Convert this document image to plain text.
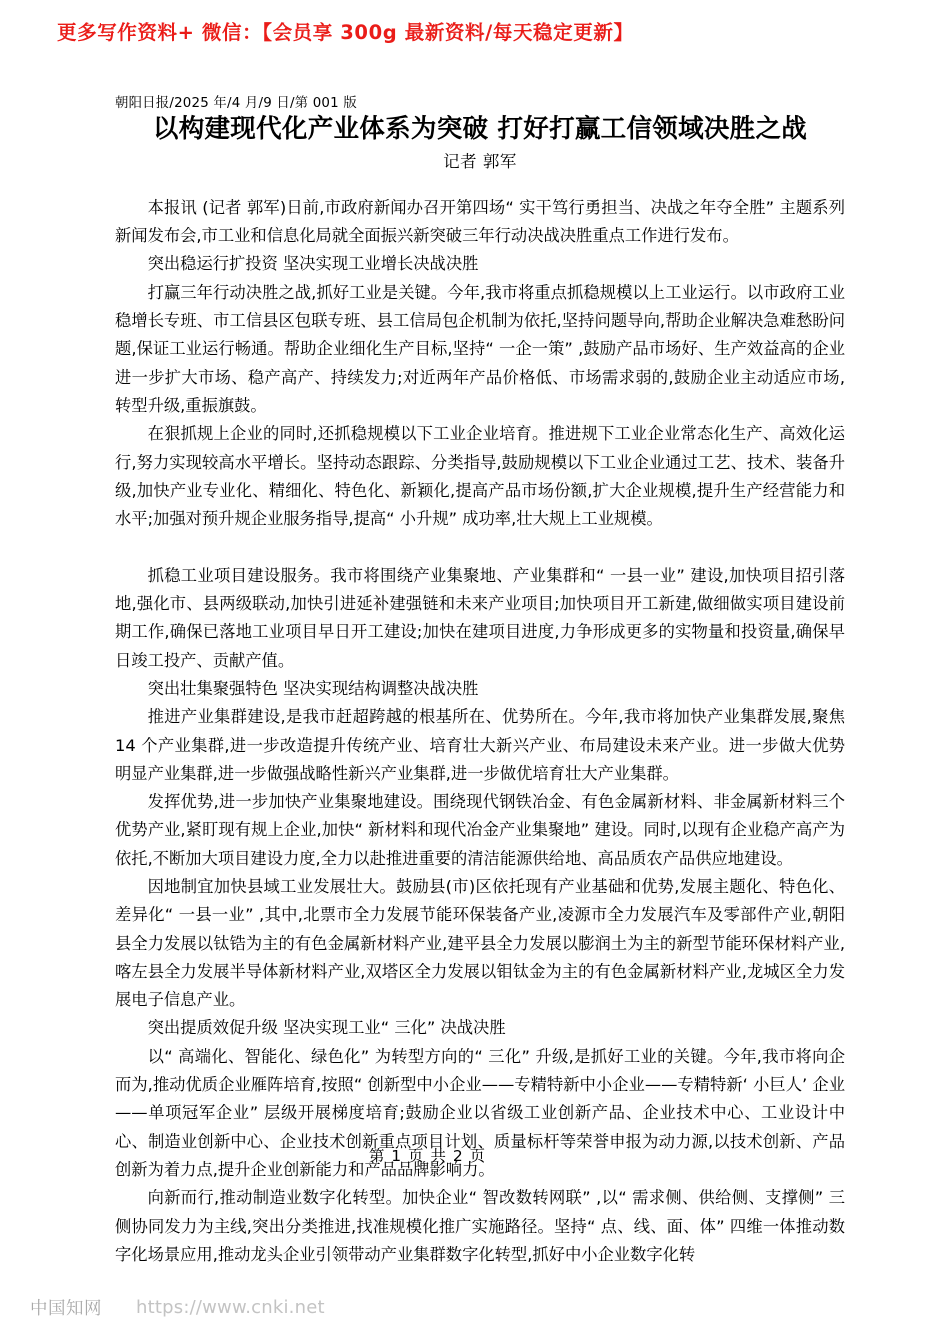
更多写作资料+ 微信：【会员享 300g 最新资料/每天稳定更新】
朝阳日报/2025 年/4 月/9 日/第 001 版
以构建现代化产业体系为突破 打好打赢工信领域决胜之战
记者 郭军

本报讯 (记者 郭军)日前,市政府新闻办召开第四场“ 实干笃行勇担当、决战之年夺全胜” 主题系列新闻发布会,市工业和信息化局就全面振兴新突破三年行动决战决胜重点工作进行发布。

突出稳运行扩投资 坚决实现工业增长决战决胜

打赢三年行动决胜之战,抓好工业是关键。今年,我市将重点抓稳规模以上工业运行。以市政府工业稳增长专班、市工信县区包联专班、县工信局包企机制为依托,坚持问题导向,帮助企业解决急难愁盼问题,保证工业运行畅通。帮助企业细化生产目标,坚持“ 一企一策” ,鼓励产品市场好、生产效益高的企业进一步扩大市场、稳产高产、持续发力;对近两年产品价格低、市场需求弱的,鼓励企业主动适应市场,转型升级,重振旗鼓。

在狠抓规上企业的同时,还抓稳规模以下工业企业培育。推进规下工业企业常态化生产、高效化运行,努力实现较高水平增长。坚持动态跟踪、分类指导,鼓励规模以下工业企业通过工艺、技术、装备升级,加快产业专业化、精细化、特色化、新颖化,提高产品市场份额,扩大企业规模,提升生产经营能力和水平;加强对预升规企业服务指导,提高“ 小升规” 成功率,壮大规上工业规模。

抓稳工业项目建设服务。我市将围绕产业集聚地、产业集群和“ 一县一业” 建设,加快项目招引落地,强化市、县两级联动,加快引进延补建强链和未来产业项目;加快项目开工新建,做细做实项目建设前期工作,确保已落地工业项目早日开工建设;加快在建项目进度,力争形成更多的实物量和投资量,确保早日竣工投产、贡献产值。

突出壮集聚强特色 坚决实现结构调整决战决胜

推进产业集群建设,是我市赶超跨越的根基所在、优势所在。今年,我市将加快产业集群发展,聚焦 14 个产业集群,进一步改造提升传统产业、培育壮大新兴产业、布局建设未来产业。进一步做大优势明显产业集群,进一步做强战略性新兴产业集群,进一步做优培育壮大产业集群。

发挥优势,进一步加快产业集聚地建设。围绕现代钢铁冶金、有色金属新材料、非金属新材料三个优势产业,紧盯现有规上企业,加快“ 新材料和现代冶金产业集聚地” 建设。同时,以现有企业稳产高产为依托,不断加大项目建设力度,全力以赴推进重要的清洁能源供给地、高品质农产品供应地建设。

因地制宜加快县域工业发展壮大。鼓励县(市)区依托现有产业基础和优势,发展主题化、特色化、差异化“ 一县一业” ,其中,北票市全力发展节能环保装备产业,凌源市全力发展汽车及零部件产业,朝阳县全力发展以钛锆为主的有色金属新材料产业,建平县全力发展以膨润土为主的新型节能环保材料产业,喀左县全力发展半导体新材料产业,双塔区全力发展以钼钛金为主的有色金属新材料产业,龙城区全力发展电子信息产业。

突出提质效促升级 坚决实现工业“ 三化” 决战决胜

以“ 高端化、智能化、绿色化” 为转型方向的“ 三化” 升级,是抓好工业的关键。今年,我市将向企而为,推动优质企业雁阵培育,按照“ 创新型中小企业——专精特新中小企业——专精特新‘ 小巨人’ 企业——单项冠军企业” 层级开展梯度培育;鼓励企业以省级工业创新产品、企业技术中心、工业设计中心、制造业创新中心、企业技术创新重点项目计划、质量标杆等荣誉申报为动力源,以技术创新、产品创新为着力点,提升企业创新能力和产品品牌影响力。

向新而行,推动制造业数字化转型。加快企业“ 智改数转网联” ,以“ 需求侧、供给侧、支撑侧” 三侧协同发力为主线,突出分类推进,找准规模化推广实施路径。坚持“ 点、线、面、体” 四维一体推动数字化场景应用,推动龙头企业引领带动产业集群数字化转型,抓好中小企业数字化转

第 1 页 共 2 页
中国知网 https://www.cnki.net
